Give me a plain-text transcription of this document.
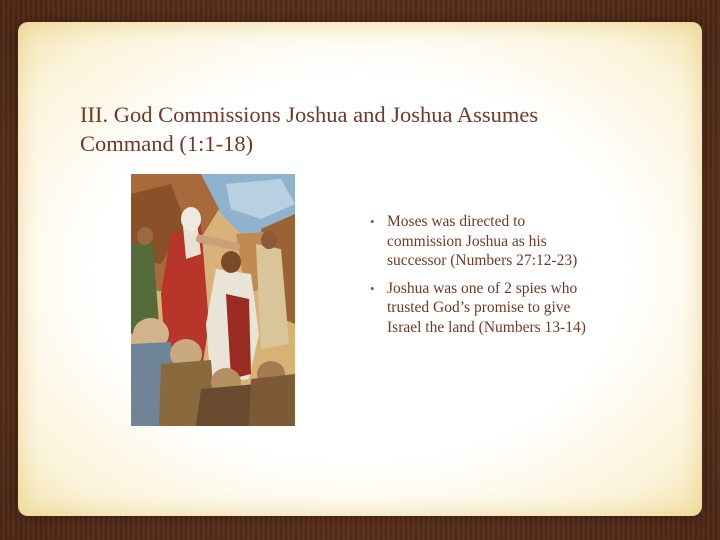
III. God Commissions Joshua and Joshua Assumes
Command (1:1-18)
• Moses was directed to
commission Joshua as his
successor (Numbers 27:12-23)
• Joshua was one of 2 spies who
trusted God’s promise to give
Israel the land (Numbers 13-14)
